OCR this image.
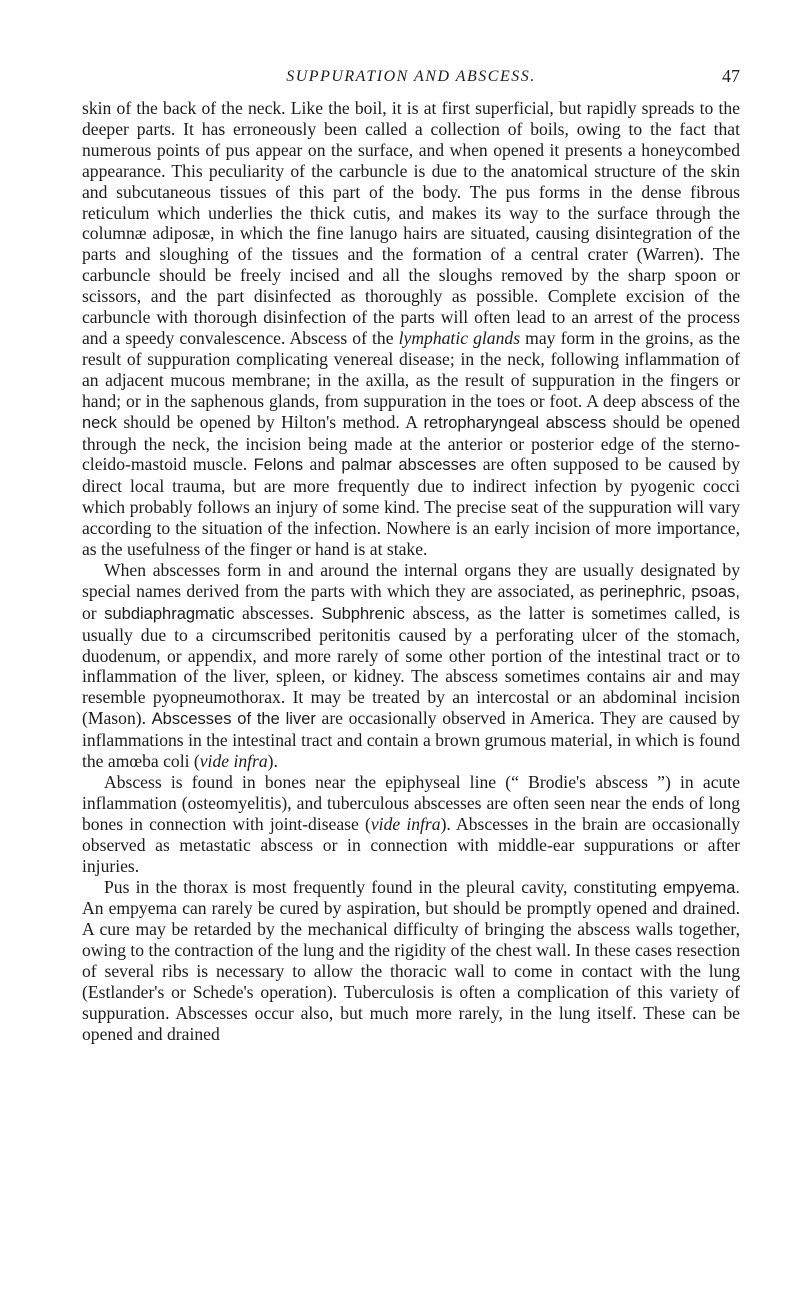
SUPPURATION AND ABSCESS.	47

skin of the back of the neck. Like the boil, it is at first superficial, but rapidly spreads to the deeper parts. It has erroneously been called a collection of boils, owing to the fact that numerous points of pus appear on the surface, and when opened it presents a honeycombed appearance. This peculiarity of the carbuncle is due to the anatomical structure of the skin and subcutaneous tissues of this part of the body. The pus forms in the dense fibrous reticulum which underlies the thick cutis, and makes its way to the surface through the columnæ adiposæ, in which the fine lanugo hairs are situated, causing disintegration of the parts and sloughing of the tissues and the formation of a central crater (Warren). The carbuncle should be freely incised and all the sloughs removed by the sharp spoon or scissors, and the part disinfected as thoroughly as possible. Complete excision of the carbuncle with thorough disinfection of the parts will often lead to an arrest of the process and a speedy convalescence. Abscess of the lymphatic glands may form in the groins, as the result of suppuration complicating venereal disease; in the neck, following inflammation of an adjacent mucous membrane; in the axilla, as the result of suppuration in the fingers or hand; or in the saphenous glands, from suppuration in the toes or foot. A deep abscess of the neck should be opened by Hilton's method. A retropharyngeal abscess should be opened through the neck, the incision being made at the anterior or posterior edge of the sterno-cleido-mastoid muscle. Felons and palmar abscesses are often supposed to be caused by direct local trauma, but are more frequently due to indirect infection by pyogenic cocci which probably follows an injury of some kind. The precise seat of the suppuration will vary according to the situation of the infection. Nowhere is an early incision of more importance, as the usefulness of the finger or hand is at stake.

When abscesses form in and around the internal organs they are usually designated by special names derived from the parts with which they are associated, as perinephric, psoas, or subdiaphragmatic abscesses. Subphrenic abscess, as the latter is sometimes called, is usually due to a circumscribed peritonitis caused by a perforating ulcer of the stomach, duodenum, or appendix, and more rarely of some other portion of the intestinal tract or to inflammation of the liver, spleen, or kidney. The abscess sometimes contains air and may resemble pyopneumothorax. It may be treated by an intercostal or an abdominal incision (Mason). Abscesses of the liver are occasionally observed in America. They are caused by inflammations in the intestinal tract and contain a brown grumous material, in which is found the amœba coli (vide infra).

Abscess is found in bones near the epiphyseal line (“ Brodie's abscess ”) in acute inflammation (osteomyelitis), and tuberculous abscesses are often seen near the ends of long bones in connection with joint-disease (vide infra). Abscesses in the brain are occasionally observed as metastatic abscess or in connection with middle-ear suppurations or after injuries.

Pus in the thorax is most frequently found in the pleural cavity, constituting empyema. An empyema can rarely be cured by aspiration, but should be promptly opened and drained. A cure may be retarded by the mechanical difficulty of bringing the abscess walls together, owing to the contraction of the lung and the rigidity of the chest wall. In these cases resection of several ribs is necessary to allow the thoracic wall to come in contact with the lung (Estlander's or Schede's operation). Tuberculosis is often a complication of this variety of suppuration. Abscesses occur also, but much more rarely, in the lung itself. These can be opened and drained
